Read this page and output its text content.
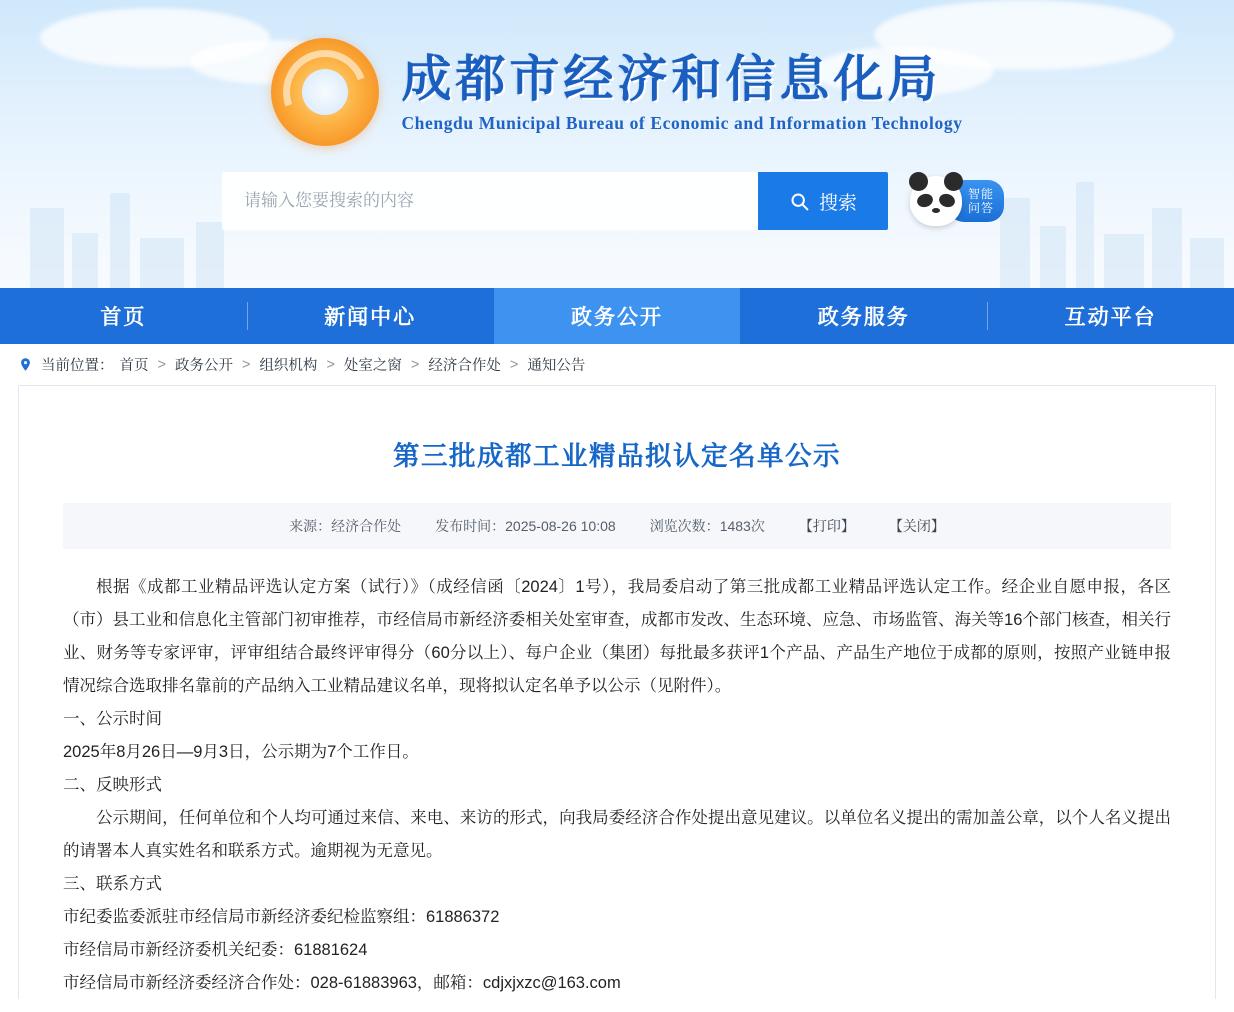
成都市经济和信息化局
Chengdu Municipal Bureau of Economic and Information Technology
请输入您要搜索的内容
搜索	智能
问答
首页	新闻中心	政务公开	政务服务	互动平台
当前位置： 首页 > 政务公开 > 组织机构 > 处室之窗 > 经济合作处 > 通知公告
第三批成都工业精品拟认定名单公示
来源：经济合作处 发布时间：2025-08-26 10:08 浏览次数：1483次 【打印】 【关闭】

根据《成都工业精品评选认定方案（试行）》（成经信函〔2024〕1号），我局委启动了第三批成都工业精品评选认定工作。经企业自愿申报，各区（市）县工业和信息化主管部门初审推荐，市经信局市新经济委相关处室审查，成都市发改、生态环境、应急、市场监管、海关等16个部门核查，相关行业、财务等专家评审，评审组结合最终评审得分（60分以上）、每户企业（集团）每批最多获评1个产品、产品生产地位于成都的原则，按照产业链申报情况综合选取排名靠前的产品纳入工业精品建议名单，现将拟认定名单予以公示（见附件）。

一、公示时间

2025年8月26日—9月3日，公示期为7个工作日。

二、反映形式

公示期间，任何单位和个人均可通过来信、来电、来访的形式，向我局委经济合作处提出意见建议。以单位名义提出的需加盖公章，以个人名义提出的请署本人真实姓名和联系方式。逾期视为无意见。

三、联系方式

市纪委监委派驻市经信局市新经济委纪检监察组：61886372

市经信局市新经济委机关纪委：61881624

市经信局市新经济委经济合作处：028-61883963，邮箱：cdjxjxzc@163.com
